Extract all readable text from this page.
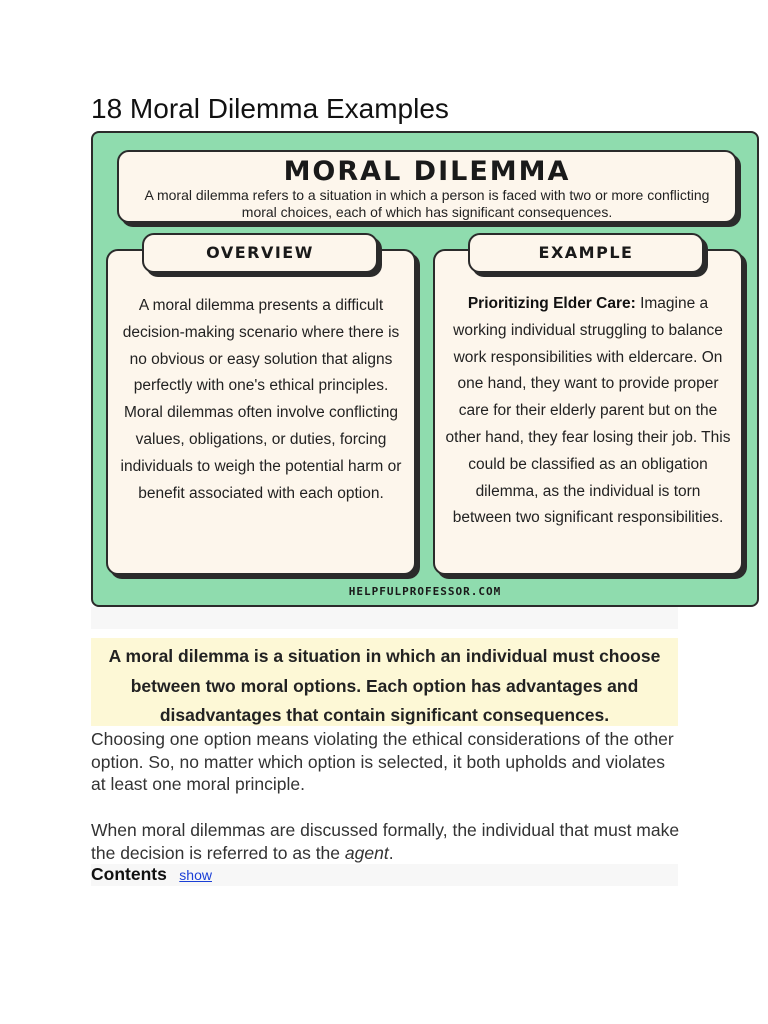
18 Moral Dilemma Examples
MORAL DILEMMA
A moral dilemma refers to a situation in which a person is faced with two or more conflicting moral choices, each of which has significant consequences.
A moral dilemma presents a difficult decision-making scenario where there is no obvious or easy solution that aligns perfectly with one's ethical principles. Moral dilemmas often involve conflicting values, obligations, or duties, forcing individuals to weigh the potential harm or benefit associated with each option.
Prioritizing Elder Care: Imagine a working individual struggling to balance work responsibilities with eldercare. On one hand, they want to provide proper care for their elderly parent but on the other hand, they fear losing their job. This could be classified as an obligation dilemma, as the individual is torn between two significant responsibilities.
OVERVIEW	EXAMPLE
HELPFULPROFESSOR.COM
A moral dilemma is a situation in which an individual must choose between two moral options. Each option has advantages and disadvantages that contain significant consequences.

Choosing one option means violating the ethical considerations of the other option. So, no matter which option is selected, it both upholds and violates at least one moral principle.

When moral dilemmas are discussed formally, the individual that must make the decision is referred to as the agent.

Contents show
